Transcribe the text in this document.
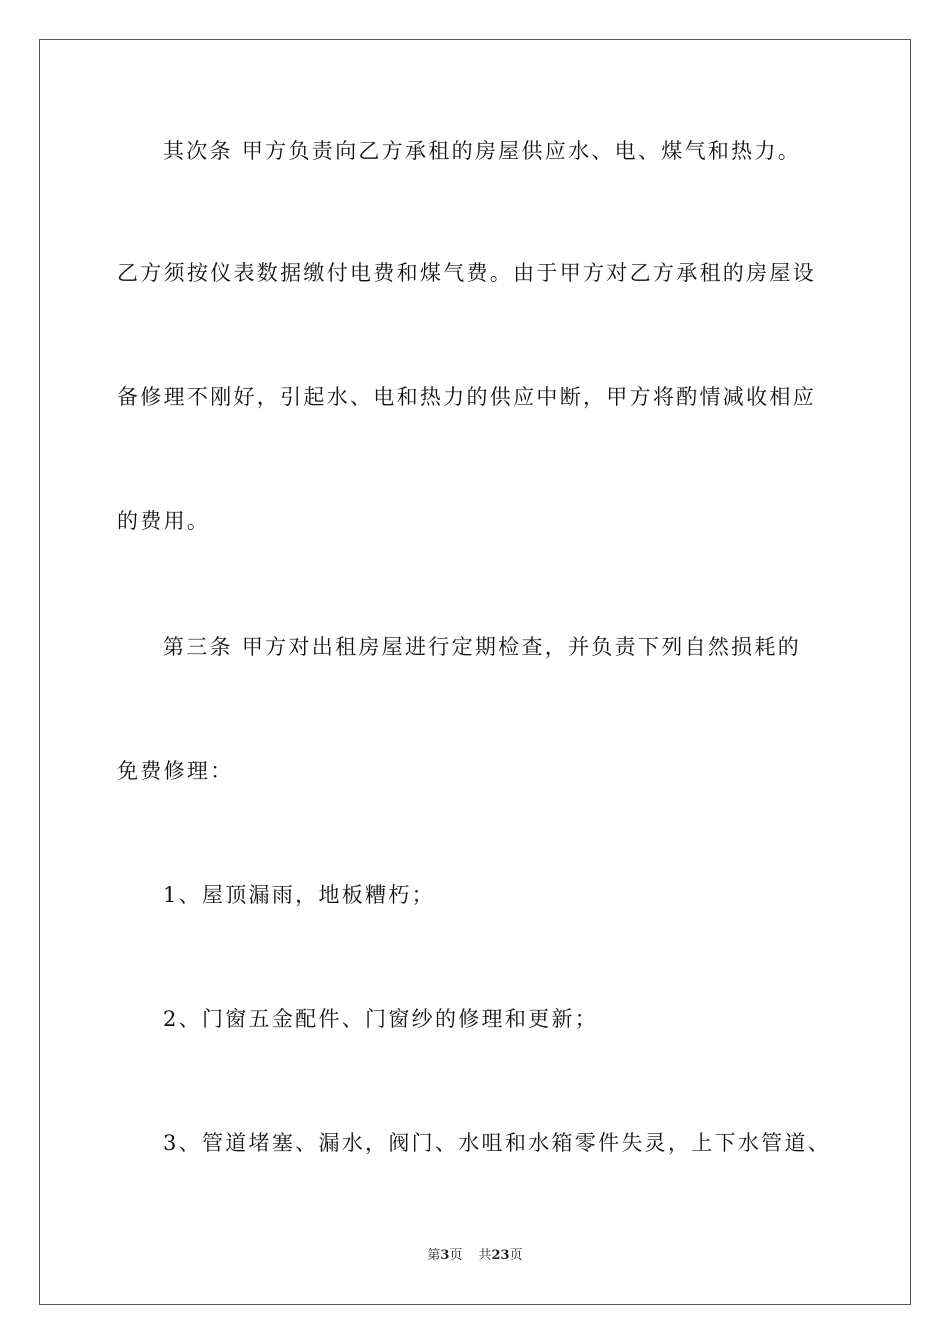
其次条 甲方负责向乙方承租的房屋供应水、电、煤气和热力。
乙方须按仪表数据缴付电费和煤气费。由于甲方对乙方承租的房屋设
备修理不刚好，引起水、电和热力的供应中断，甲方将酌情减收相应
的费用。
第三条 甲方对出租房屋进行定期检查，并负责下列自然损耗的
免费修理：
1、屋顶漏雨，地板糟朽；
2、门窗五金配件、门窗纱的修理和更新；
3、管道堵塞、漏水，阀门、水咀和水箱零件失灵，上下水管道、
第3页 共23页
